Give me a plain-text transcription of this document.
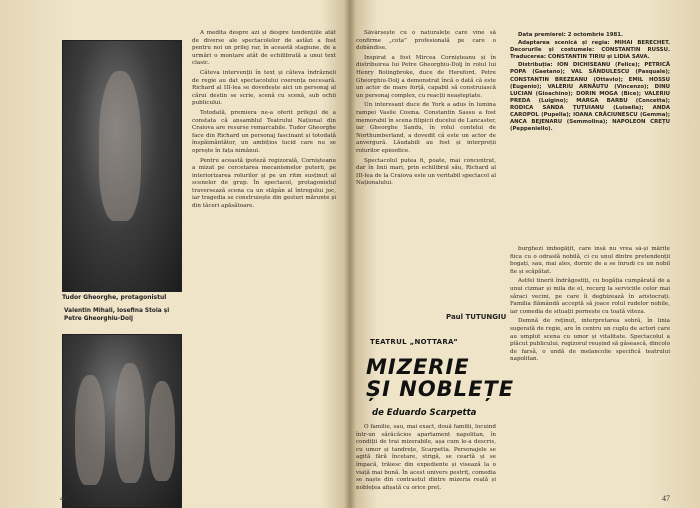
Tudor Gheorghe, protagonistul
Valentin Mihali, Iosefina Stoia și Petre Gheorghiu-Dolj

A medita despre azi și despre tendențiile atât de diverse ale spectacolelor de astăzi a fost pentru noi un prilej rar, în această stagiune, de a urmări o montare atât de echilibrată a unui text clasic.

Câteva intervenții în text și câteva îndrăzneli de regie au dat spectacolului coerența necesară. Richard al III-lea se dovedește aici un personaj al cărui destin se scrie, scenă cu scenă, sub ochii publicului.

Totodată, premiera ne-a oferit prilejul de a constata că ansamblul Teatrului Național din Craiova are resurse remarcabile. Tudor Gheorghe face din Richard un personaj fascinant și totodată înspăimântător, un ambițios lucid care nu se oprește în fața nimănui.

Pentru această ipoteză regizorală, Cornișteanu a mizat pe cercetarea mecanismelor puterii, pe interiorizarea rolurilor și pe un ritm susținut al scenelor de grup. În spectacol, protagonistul traversează scena ca un stăpân al întregului joc, iar tragedia se construiește din gesturi mărunte și din tăceri apăsătoare.

46

Săvârșește cu o naturalețe care vine să confirme „cota” profesională pe care o dobândise.

Inspirat a fost Mircea Cornișteanu și în distribuirea lui Petre Gheorghiu-Dolj în rolul lui Henry Bolingbroke, duce de Hereford. Petre Gheorghiu-Dolj a demonstrat încă o dată că este un actor de mare forță, capabil să construiască un personaj complex, cu reacții neașteptate.

Un interesant duce de York a adus în lumina rampei Vasile Cosma. Constantin Sassu a fost memorabil în scena filipicii ducelui de Lancaster, iar Gheorghe Sandu, în rolul contelui de Northumberland, a dovedit că este un actor de anvergură. Lăudabili au fost și interpreții rolurilor episodice.

Spectacolul putea fi, poate, mai concentrat, dar în linii mari, prin echilibrul său, Richard al III-lea de la Craiova este un veritabil spectacol al Naționalului.

Paul TUTUNGIU
TEATRUL „NOTTARA”
MIZERIE
ȘI NOBLEȚE
de Eduardo Scarpetta

O familie, sau, mai exact, două familii, locuind într-un sărăcăcios apartament napolitan, în condiții de trai mizerabile, așa cum le-a descris, cu umor și tandrețe, Scarpetta. Personajele se agită fără încetare, strigă, se ceartă și se împacă, trăiesc din expediente și visează la o viață mai bună. În acest univers pestriț, comedia se naște din contrastul dintre mizeria reală și noblețea afișată cu orice preț.

Data premierei: 2 octombrie 1981.

Adaptarea scenică și regia: MIHAI BERECHET. Decorurile și costumele: CONSTANTIN RUSSU. Traducerea: CONSTANTIN TIRIU și LIDIA SAVA.

Distribuția: ION DICHISEANU (Felice); PETRICĂ POPA (Gaetano); VAL SĂNDULESCU (Pasquale); CONSTANTIN BREZEANU (Ottavio); EMIL HOSSU (Eugenio); VALERIU ARNĂUTU (Vincenzo); DINU LUCIAN (Gioachino); DORIN MOGA (Bice); VALERIU PREDA (Luigino); MARGA BARBU (Concetta); RODICA SANDA ȚUȚUIANU (Luisella); ANDA CAROPOL (Pupella); IOANA CRĂCIUNESCU (Gemma); ANCA BEJENARU (Semmolina); NAPOLEON CREȚU (Peppeniello).

burghezi îmbogățit, care însă nu vrea să-și mărite fiica cu o odraslă nobilă, ci cu unul dintre pretendenții bogați, sau, mai ales, dornic de a se înrudi cu un nobil fie și scăpătat.

Astfel tinerii îndrăgostiți, cu bogăția cumpărată de a unui cizmar și mila de el, recurg la serviciile celor mai săraci vecini, pe care îi deghizează în aristocrați. Familia flămândă acceptă să joace rolul rudelor nobile, iar comedia de situații pornește cu toată viteza.

Demnă de reținut, interpretarea sobră, în linia sugerată de regie, are în centru un cuplu de actori care au umplut scena cu umor și vitalitate. Spectacolul a plăcut publicului, regizorul reușind să găsească, dincolo de farsă, o undă de melancolie specifică teatrului napolitan.

47
